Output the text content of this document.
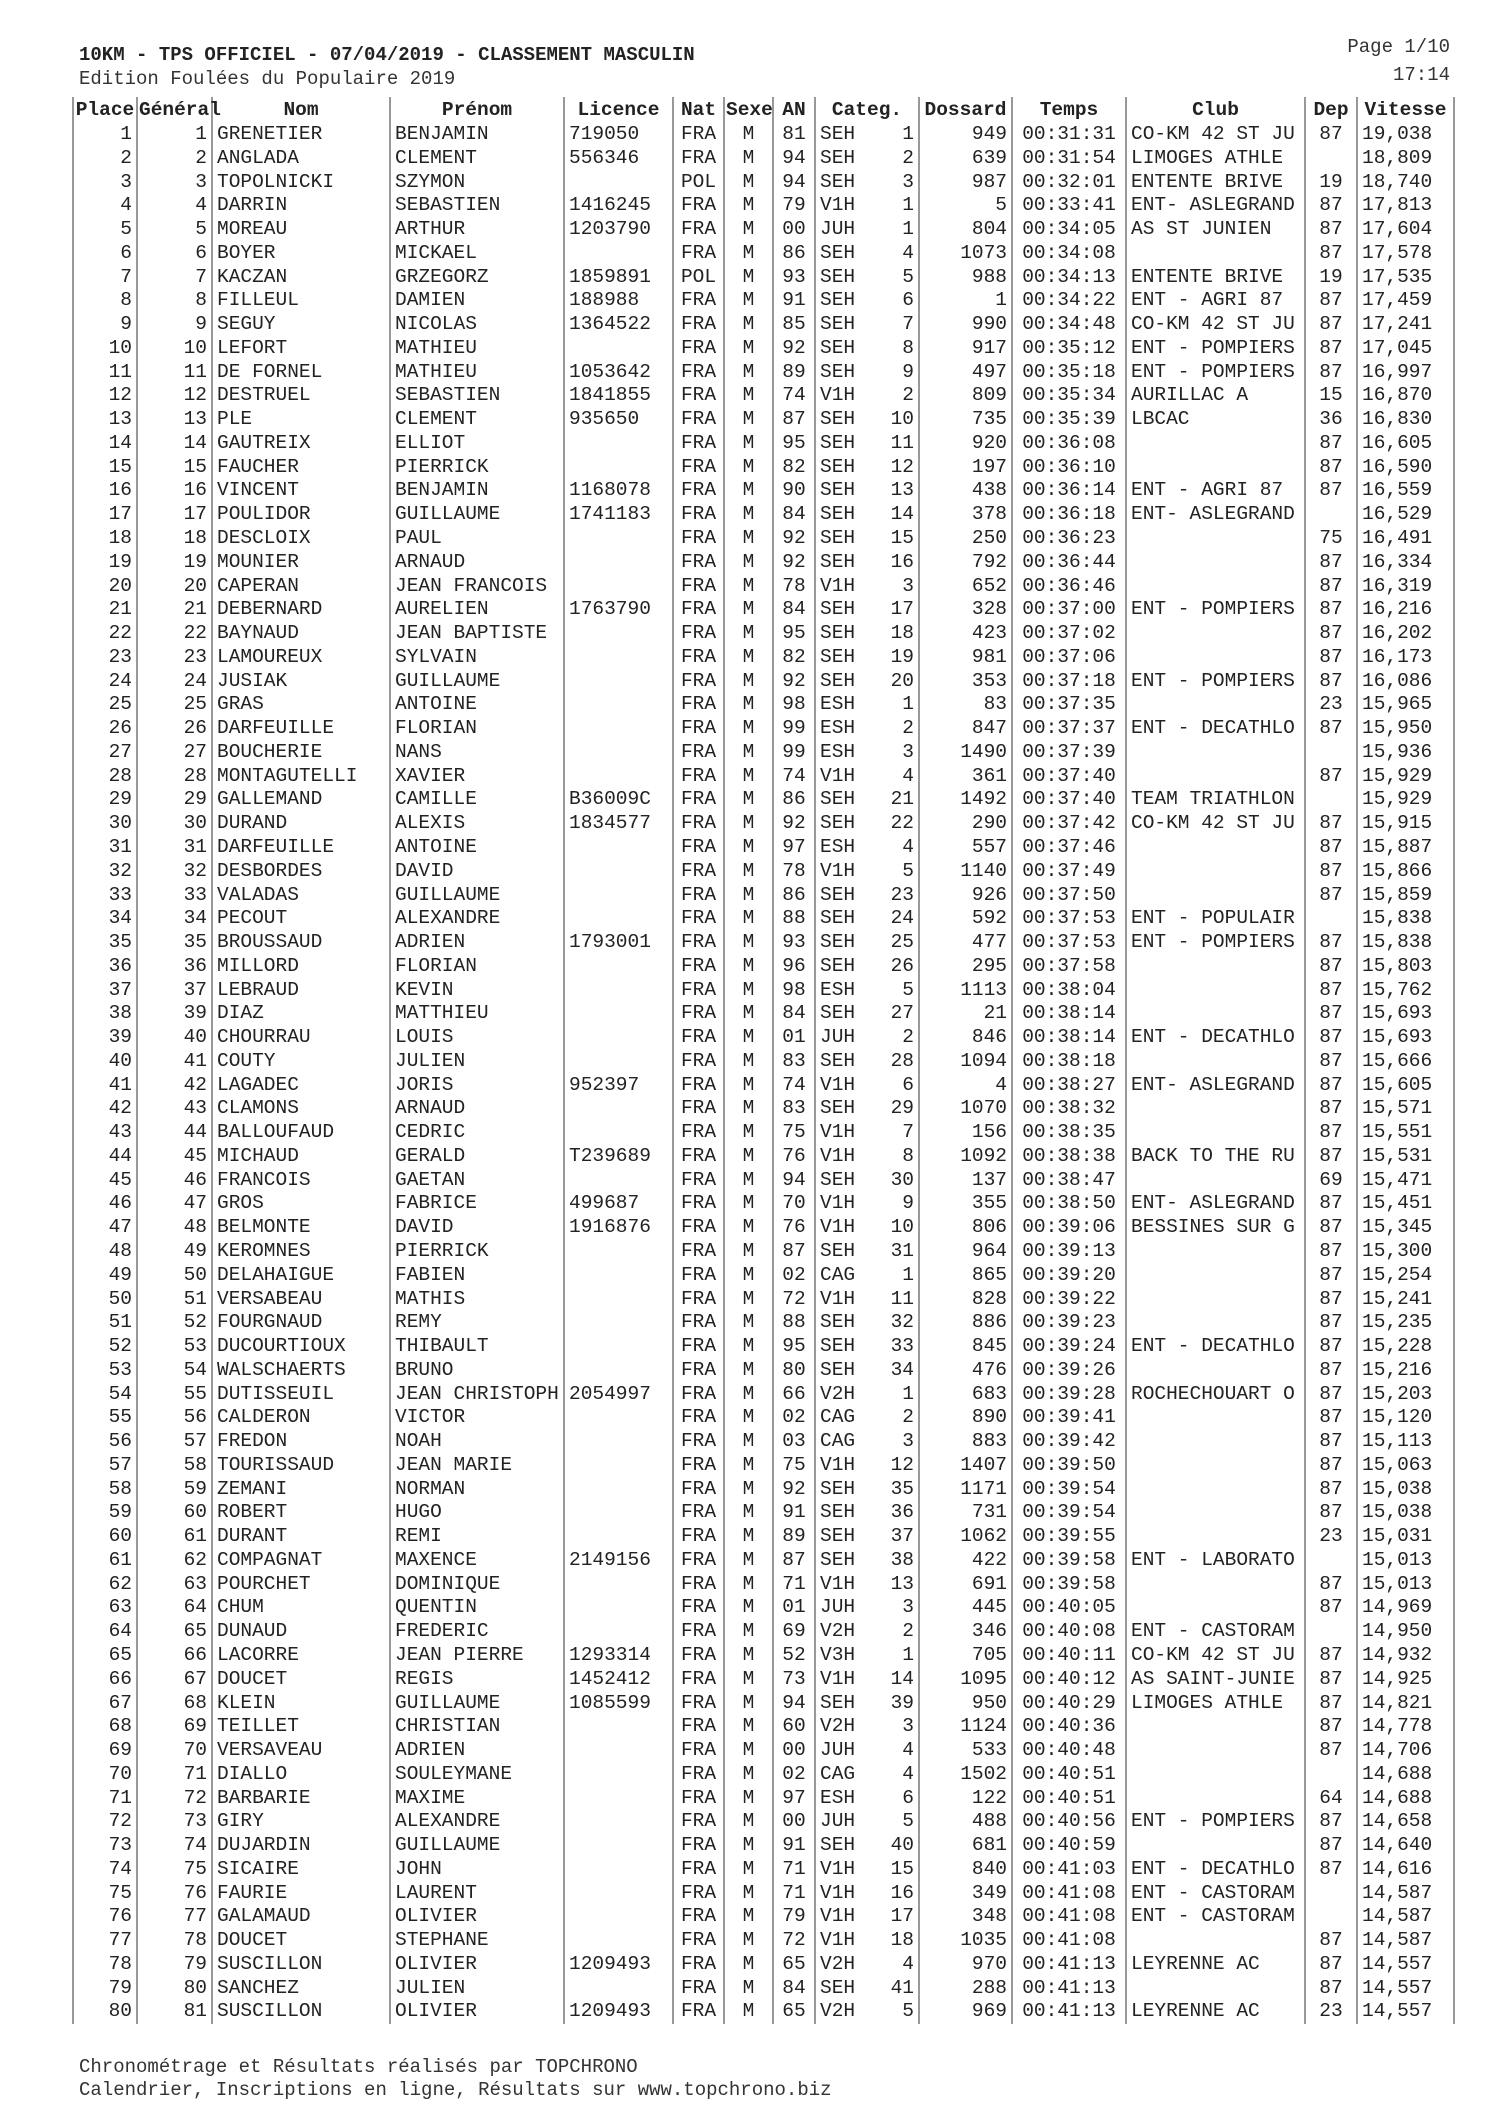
10KM - TPS OFFICIEL - 07/04/2019 - CLASSEMENT MASCULIN
Edition Foulées du Populaire 2019
Page 1/10
17:14
Place	Général	Nom	Prénom	Licence	Nat	Sexe	AN	Categ.	Dossard	Temps	Club	Dep	Vitesse
1	1	GRENETIER	BENJAMIN	719050	FRA	M	81	SEH 1	949	00:31:31	CO-KM 42 ST JU	87	19,038
2	2	ANGLADA	CLEMENT	556346	FRA	M	94	SEH 2	639	00:31:54	LIMOGES ATHLE		18,809
3	3	TOPOLNICKI	SZYMON		POL	M	94	SEH 3	987	00:32:01	ENTENTE BRIVE	19	18,740
4	4	DARRIN	SEBASTIEN	1416245	FRA	M	79	V1H 1	5	00:33:41	ENT- ASLEGRAND	87	17,813
5	5	MOREAU	ARTHUR	1203790	FRA	M	00	JUH 1	804	00:34:05	AS ST JUNIEN	87	17,604
6	6	BOYER	MICKAEL		FRA	M	86	SEH 4	1073	00:34:08		87	17,578
7	7	KACZAN	GRZEGORZ	1859891	POL	M	93	SEH 5	988	00:34:13	ENTENTE BRIVE	19	17,535
8	8	FILLEUL	DAMIEN	188988	FRA	M	91	SEH 6	1	00:34:22	ENT - AGRI 87	87	17,459
9	9	SEGUY	NICOLAS	1364522	FRA	M	85	SEH 7	990	00:34:48	CO-KM 42 ST JU	87	17,241
10	10	LEFORT	MATHIEU		FRA	M	92	SEH 8	917	00:35:12	ENT - POMPIERS	87	17,045
11	11	DE FORNEL	MATHIEU	1053642	FRA	M	89	SEH 9	497	00:35:18	ENT - POMPIERS	87	16,997
12	12	DESTRUEL	SEBASTIEN	1841855	FRA	M	74	V1H 2	809	00:35:34	AURILLAC A	15	16,870
13	13	PLE	CLEMENT	935650	FRA	M	87	SEH 10	735	00:35:39	LBCAC	36	16,830
14	14	GAUTREIX	ELLIOT		FRA	M	95	SEH 11	920	00:36:08		87	16,605
15	15	FAUCHER	PIERRICK		FRA	M	82	SEH 12	197	00:36:10		87	16,590
16	16	VINCENT	BENJAMIN	1168078	FRA	M	90	SEH 13	438	00:36:14	ENT - AGRI 87	87	16,559
17	17	POULIDOR	GUILLAUME	1741183	FRA	M	84	SEH 14	378	00:36:18	ENT- ASLEGRAND		16,529
18	18	DESCLOIX	PAUL		FRA	M	92	SEH 15	250	00:36:23		75	16,491
19	19	MOUNIER	ARNAUD		FRA	M	92	SEH 16	792	00:36:44		87	16,334
20	20	CAPERAN	JEAN FRANCOIS		FRA	M	78	V1H 3	652	00:36:46		87	16,319
21	21	DEBERNARD	AURELIEN	1763790	FRA	M	84	SEH 17	328	00:37:00	ENT - POMPIERS	87	16,216
22	22	BAYNAUD	JEAN BAPTISTE		FRA	M	95	SEH 18	423	00:37:02		87	16,202
23	23	LAMOUREUX	SYLVAIN		FRA	M	82	SEH 19	981	00:37:06		87	16,173
24	24	JUSIAK	GUILLAUME		FRA	M	92	SEH 20	353	00:37:18	ENT - POMPIERS	87	16,086
25	25	GRAS	ANTOINE		FRA	M	98	ESH 1	83	00:37:35		23	15,965
26	26	DARFEUILLE	FLORIAN		FRA	M	99	ESH 2	847	00:37:37	ENT - DECATHLO	87	15,950
27	27	BOUCHERIE	NANS		FRA	M	99	ESH 3	1490	00:37:39			15,936
28	28	MONTAGUTELLI	XAVIER		FRA	M	74	V1H 4	361	00:37:40		87	15,929
29	29	GALLEMAND	CAMILLE	B36009C	FRA	M	86	SEH 21	1492	00:37:40	TEAM TRIATHLON		15,929
30	30	DURAND	ALEXIS	1834577	FRA	M	92	SEH 22	290	00:37:42	CO-KM 42 ST JU	87	15,915
31	31	DARFEUILLE	ANTOINE		FRA	M	97	ESH 4	557	00:37:46		87	15,887
32	32	DESBORDES	DAVID		FRA	M	78	V1H 5	1140	00:37:49		87	15,866
33	33	VALADAS	GUILLAUME		FRA	M	86	SEH 23	926	00:37:50		87	15,859
34	34	PECOUT	ALEXANDRE		FRA	M	88	SEH 24	592	00:37:53	ENT - POPULAIR		15,838
35	35	BROUSSAUD	ADRIEN	1793001	FRA	M	93	SEH 25	477	00:37:53	ENT - POMPIERS	87	15,838
36	36	MILLORD	FLORIAN		FRA	M	96	SEH 26	295	00:37:58		87	15,803
37	37	LEBRAUD	KEVIN		FRA	M	98	ESH 5	1113	00:38:04		87	15,762
38	39	DIAZ	MATTHIEU		FRA	M	84	SEH 27	21	00:38:14		87	15,693
39	40	CHOURRAU	LOUIS		FRA	M	01	JUH 2	846	00:38:14	ENT - DECATHLO	87	15,693
40	41	COUTY	JULIEN		FRA	M	83	SEH 28	1094	00:38:18		87	15,666
41	42	LAGADEC	JORIS	952397	FRA	M	74	V1H 6	4	00:38:27	ENT- ASLEGRAND	87	15,605
42	43	CLAMONS	ARNAUD		FRA	M	83	SEH 29	1070	00:38:32		87	15,571
43	44	BALLOUFAUD	CEDRIC		FRA	M	75	V1H 7	156	00:38:35		87	15,551
44	45	MICHAUD	GERALD	T239689	FRA	M	76	V1H 8	1092	00:38:38	BACK TO THE RU	87	15,531
45	46	FRANCOIS	GAETAN		FRA	M	94	SEH 30	137	00:38:47		69	15,471
46	47	GROS	FABRICE	499687	FRA	M	70	V1H 9	355	00:38:50	ENT- ASLEGRAND	87	15,451
47	48	BELMONTE	DAVID	1916876	FRA	M	76	V1H 10	806	00:39:06	BESSINES SUR G	87	15,345
48	49	KEROMNES	PIERRICK		FRA	M	87	SEH 31	964	00:39:13		87	15,300
49	50	DELAHAIGUE	FABIEN		FRA	M	02	CAG 1	865	00:39:20		87	15,254
50	51	VERSABEAU	MATHIS		FRA	M	72	V1H 11	828	00:39:22		87	15,241
51	52	FOURGNAUD	REMY		FRA	M	88	SEH 32	886	00:39:23		87	15,235
52	53	DUCOURTIOUX	THIBAULT		FRA	M	95	SEH 33	845	00:39:24	ENT - DECATHLO	87	15,228
53	54	WALSCHAERTS	BRUNO		FRA	M	80	SEH 34	476	00:39:26		87	15,216
54	55	DUTISSEUIL	JEAN CHRISTOPH	2054997	FRA	M	66	V2H 1	683	00:39:28	ROCHECHOUART O	87	15,203
55	56	CALDERON	VICTOR		FRA	M	02	CAG 2	890	00:39:41		87	15,120
56	57	FREDON	NOAH		FRA	M	03	CAG 3	883	00:39:42		87	15,113
57	58	TOURISSAUD	JEAN MARIE		FRA	M	75	V1H 12	1407	00:39:50		87	15,063
58	59	ZEMANI	NORMAN		FRA	M	92	SEH 35	1171	00:39:54		87	15,038
59	60	ROBERT	HUGO		FRA	M	91	SEH 36	731	00:39:54		87	15,038
60	61	DURANT	REMI		FRA	M	89	SEH 37	1062	00:39:55		23	15,031
61	62	COMPAGNAT	MAXENCE	2149156	FRA	M	87	SEH 38	422	00:39:58	ENT - LABORATO		15,013
62	63	POURCHET	DOMINIQUE		FRA	M	71	V1H 13	691	00:39:58		87	15,013
63	64	CHUM	QUENTIN		FRA	M	01	JUH 3	445	00:40:05		87	14,969
64	65	DUNAUD	FREDERIC		FRA	M	69	V2H 2	346	00:40:08	ENT - CASTORAM		14,950
65	66	LACORRE	JEAN PIERRE	1293314	FRA	M	52	V3H 1	705	00:40:11	CO-KM 42 ST JU	87	14,932
66	67	DOUCET	REGIS	1452412	FRA	M	73	V1H 14	1095	00:40:12	AS SAINT-JUNIE	87	14,925
67	68	KLEIN	GUILLAUME	1085599	FRA	M	94	SEH 39	950	00:40:29	LIMOGES ATHLE	87	14,821
68	69	TEILLET	CHRISTIAN		FRA	M	60	V2H 3	1124	00:40:36		87	14,778
69	70	VERSAVEAU	ADRIEN		FRA	M	00	JUH 4	533	00:40:48		87	14,706
70	71	DIALLO	SOULEYMANE		FRA	M	02	CAG 4	1502	00:40:51			14,688
71	72	BARBARIE	MAXIME		FRA	M	97	ESH 6	122	00:40:51		64	14,688
72	73	GIRY	ALEXANDRE		FRA	M	00	JUH 5	488	00:40:56	ENT - POMPIERS	87	14,658
73	74	DUJARDIN	GUILLAUME		FRA	M	91	SEH 40	681	00:40:59		87	14,640
74	75	SICAIRE	JOHN		FRA	M	71	V1H 15	840	00:41:03	ENT - DECATHLO	87	14,616
75	76	FAURIE	LAURENT		FRA	M	71	V1H 16	349	00:41:08	ENT - CASTORAM		14,587
76	77	GALAMAUD	OLIVIER		FRA	M	79	V1H 17	348	00:41:08	ENT - CASTORAM		14,587
77	78	DOUCET	STEPHANE		FRA	M	72	V1H 18	1035	00:41:08		87	14,587
78	79	SUSCILLON	OLIVIER	1209493	FRA	M	65	V2H 4	970	00:41:13	LEYRENNE AC	87	14,557
79	80	SANCHEZ	JULIEN		FRA	M	84	SEH 41	288	00:41:13		87	14,557
80	81	SUSCILLON	OLIVIER	1209493	FRA	M	65	V2H 5	969	00:41:13	LEYRENNE AC	23	14,557
Chronométrage et Résultats réalisés par TOPCHRONO
Calendrier, Inscriptions en ligne, Résultats sur www.topchrono.biz
